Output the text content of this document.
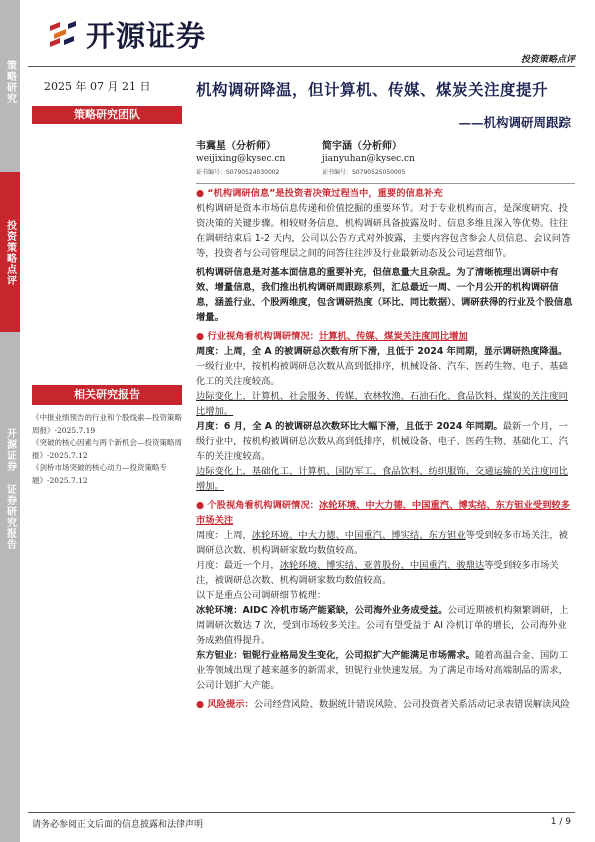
策略研究
投资策略点评
开源证券 证券研究报告
开源证券
投资策略点评
2025 年 07 月 21 日
策略研究团队
相关研究报告

《中报业绩预告的行业和个股线索—投资策略周报》-2025.7.19

《突破的核心因素与两个新机会—投资策略周报》-2025.7.12

《剑桥市场突破的核心动力—投资策略专题》-2025.7.12

机构调研降温，但计算机、传媒、煤炭关注度提升
——机构调研周跟踪
韦冀星（分析师）
weijixing@kysec.cn
证书编号：S0790524030002
简宇涵（分析师）
jianyuhan@kysec.cn
证书编号：S0790525050005

● “机构调研信息”是投资者决策过程当中，重要的信息补充

机构调研是资本市场信息传递和价值挖掘的重要环节。对于专业机构而言，是深度研究、投资决策的关键步骤。相较财务信息，机构调研具备披露及时、信息多维且深入等优势。往往在调研结束后 1-2 天内，公司以公告方式对外披露，主要内容包含参会人员信息、会议问答等，投资者与公司管理层之间的问答往往涉及行业最新动态及公司运营细节。

机构调研信息是对基本面信息的重要补充，但信息量大且杂乱。为了清晰梳理出调研中有效、增量信息，我们推出机构调研周跟踪系列，汇总最近一周、一个月公开的机构调研信息，涵盖行业、个股两维度，包含调研热度（环比、同比数据）、调研获得的行业及个股信息增量。

● 行业视角看机构调研情况：计算机、传媒、煤炭关注度同比增加

周度：上周，全 A 的被调研总次数有所下滑，且低于 2024 年同期，显示调研热度降温。一级行业中，按机构被调研总次数从高到低排序，机械设备、汽车、医药生物、电子、基础化工的关注度较高。

边际变化上，计算机、社会服务、传媒、农林牧渔、石油石化、食品饮料、煤炭的关注度同比增加。

月度：6 月，全 A 的被调研总次数环比大幅下滑，且低于 2024 年同期。最新一个月，一级行业中，按机构被调研总次数从高到低排序，机械设备、电子、医药生物、基础化工、汽车的关注度较高。

边际变化上，基础化工、计算机、国防军工、食品饮料、纺织服饰、交通运输的关注度同比增加。

● 个股视角看机构调研情况：冰轮环境、中大力德、中国重汽、博实结、东方钽业受到较多市场关注

周度：上周，冰轮环境、中大力德、中国重汽、博实结、东方钽业等受到较多市场关注，被调研总次数、机构调研家数均数值较高。

月度：最近一个月，冰轮环境、博实结、亚普股份、中国重汽、骏鼎达等受到较多市场关注，被调研总次数、机构调研家数均数值较高。

以下是重点公司调研细节梳理：

冰轮环境：AIDC 冷机市场产能紧缺，公司海外业务成受益。公司近期被机构频繁调研，上周调研次数达 7 次，受到市场较多关注。公司有望受益于 AI 冷机订单的增长，公司海外业务成熟值得提升。

东方钽业：钽铌行业格局发生变化，公司拟扩大产能满足市场需求。随着高温合金、国防工业等领域出现了越来越多的新需求，钽铌行业快速发展。为了满足市场对高端制品的需求，公司计划扩大产能。

● 风险提示：公司经营风险、数据统计错误风险、公司投资者关系活动记录表错误解读风险

请务必参阅正文后面的信息披露和法律声明	1 / 9
